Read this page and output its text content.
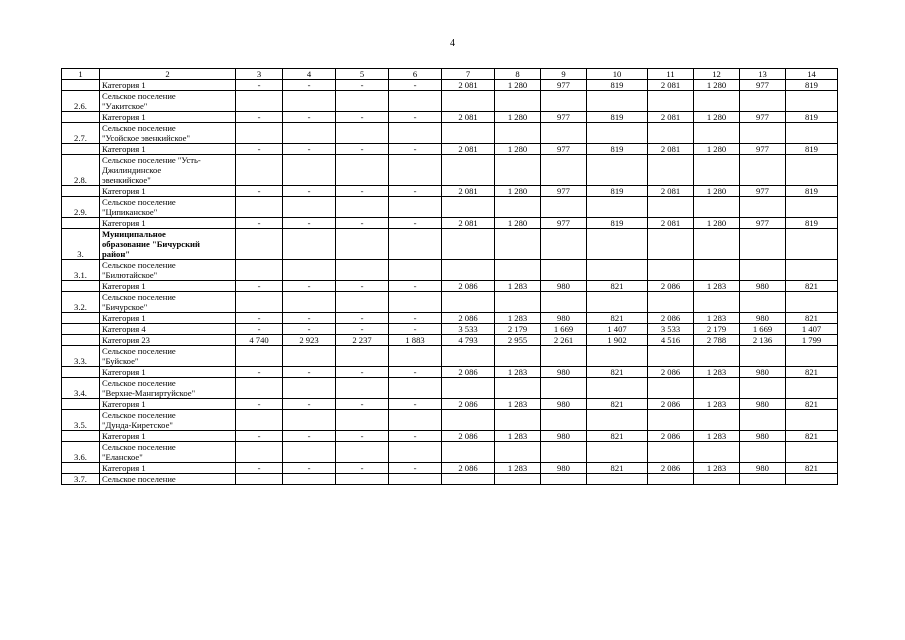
4
1	2	3	4	5	6	7	8	9	10	11	12	13	14
	Категория 1	-	-	-	-	2 081	1 280	977	819	2 081	1 280	977	819
2.6.	Сельское поселение
"Уакитское"												

	Категория 1	-	-	-	-	2 081	1 280	977	819	2 081	1 280	977	819
2.7.	Сельское поселение
"Усойское эвенкийское"												

	Категория 1	-	-	-	-	2 081	1 280	977	819	2 081	1 280	977	819
2.8.	Сельское поселение "Усть-
Джилиндинское
эвенкийское"												

	Категория 1	-	-	-	-	2 081	1 280	977	819	2 081	1 280	977	819
2.9.	Сельское поселение
"Ципиканское"												

	Категория 1	-	-	-	-	2 081	1 280	977	819	2 081	1 280	977	819
3.	Муниципальное
образование "Бичурский
район"												

3.1.	Сельское поселение
"Билютайское"												

	Категория 1	-	-	-	-	2 086	1 283	980	821	2 086	1 283	980	821
3.2.	Сельское поселение
"Бичурское"												

	Категория 1	-	-	-	-	2 086	1 283	980	821	2 086	1 283	980	821
	Категория 4	-	-	-	-	3 533	2 179	1 669	1 407	3 533	2 179	1 669	1 407
	Категория 23	4 740	2 923	2 237	1 883	4 793	2 955	2 261	1 902	4 516	2 788	2 136	1 799
3.3.	Сельское поселение
"Буйское"												

	Категория 1	-	-	-	-	2 086	1 283	980	821	2 086	1 283	980	821
3.4.	Сельское поселение
"Верхне-Мангиртуйское"												

	Категория 1	-	-	-	-	2 086	1 283	980	821	2 086	1 283	980	821
3.5.	Сельское поселение
"Дунда-Киретское"												

	Категория 1	-	-	-	-	2 086	1 283	980	821	2 086	1 283	980	821
3.6.	Сельское поселение
"Еланское"												

	Категория 1	-	-	-	-	2 086	1 283	980	821	2 086	1 283	980	821
3.7.	Сельское поселение												
